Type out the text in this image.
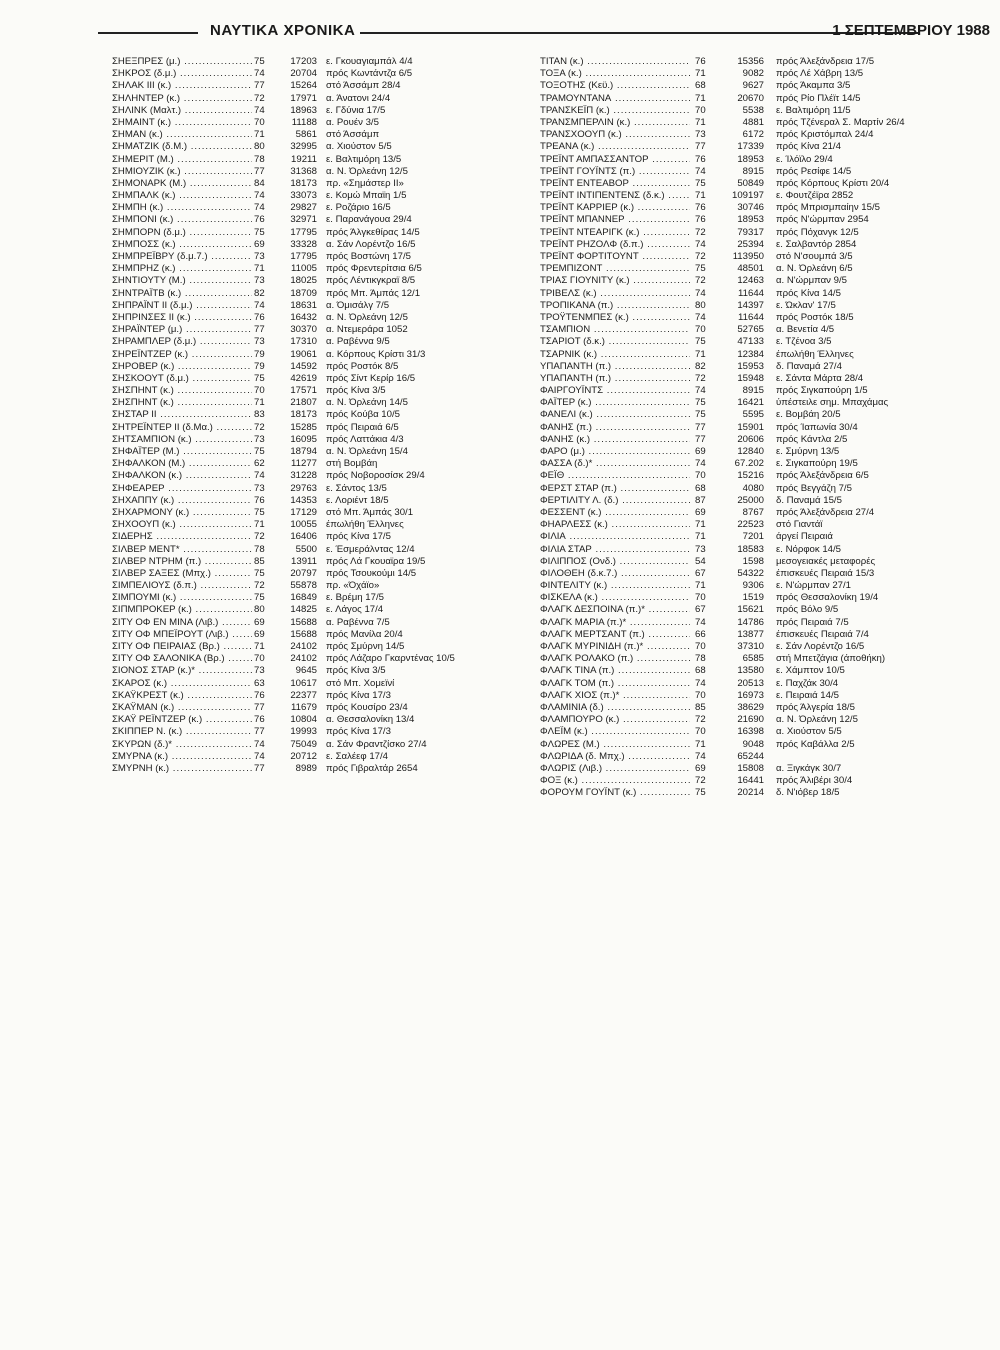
ΝΑΥΤΙΚΑ ΧΡΟΝΙΚΑ	1 ΣΕΠΤΕΜΒΡΙΟΥ 1988
ΣΗΕΞΠΡΕΣ (μ.) .....	75	17203 ε. Γκουαγιαμπάλ 4/4
ΣΗΚΡΟΣ (δ.μ.) .....	74	20704 πρός Κωντάντζα 6/5
ΣΗΛΑΚ III (κ.) .....	77	15264 στό Άσσάμπ 28/4
ΣΗΛΗΝΤΕΡ (κ.) .....	72	17971 α. Άνατονι 24/4
ΣΗΛΙΝΚ (Μαλτ.) .....	74	18963 ε. Γδύνια 17/5
ΣΗΜΑΙΝΤ (κ.) .....	70	11188 α. Ρουέν 3/5
ΣΗΜΑΝ (κ.) .....	71	5861 στό Άσσάμπ
ΣΗΜΑΤΖΙΚ (δ.Μ.) .....	80	32995 α. Χιούστον 5/5
ΣΗΜΕΡΙΤ (Μ.) .....	78	19211 ε. Βαλτιμόρη 13/5
ΣΗΜΙΟΥΖΙΚ (κ.) .....	77	31368 α. Ν. Όρλεάνη 12/5
ΣΗΜΟΝΑΡΚ (Μ.) .....	84	18173 πρ. «Σημάστερ II»
ΣΗΜΠΑΛΚ (κ.) .....	74	33073 ε. Κομώ Μπαϊη 1/5
ΣΗΜΠΗ (κ.) .....	74	29827 ε. Ροζάριο 16/5
ΣΗΜΠΟΝΙ (κ.) .....	76	32971 ε. Παρανάγουα 29/4
ΣΗΜΠΟΡΝ (δ.μ.) .....	75	17795 πρός Άλγκεθίρας 14/5
ΣΗΜΠΟΣΣ (κ.) .....	69	33328 α. Σάν Λορέντζο 16/5
ΣΗΜΠΡΕΪΒΡΥ (δ.μ.7.) .....	73	17795 πρός Βοστώνη 17/5
ΣΗΜΠΡΗΖ (κ.) .....	71	11005 πρός Φρεντερίτσια 6/5
ΣΗΝΤΙΟΥΤΥ (Μ.) .....	73	18025 πρός Λέντικγκραϊ 8/5
ΣΗΝΤΡΑΪΤΒ (κ.) .....	82	18709 πρός Μπ. Άμπάς 12/1
ΣΗΠΡΑΪΝΤ II (δ.μ.) .....	74	18631 α. Όμισάλγ 7/5
ΣΗΠΡΙΝΣΕΣ II (κ.) .....	76	16432 α. Ν. Όρλεάνη 12/5
ΣΗΡΑΪΝΤΕΡ (μ.) .....	77	30370 α. Ντεμεράρα 1052
ΣΗΡΑΜΠΛΕΡ (δ.μ.) .....	73	17310 α. Ραβέννα 9/5
ΣΗΡΕΪΝΤΖΕΡ (κ.) .....	79	19061 α. Κόρπους Κρίστι 31/3
ΣΗΡΟΒΕΡ (κ.) .....	79	14592 πρός Ροστόκ 8/5
ΣΗΣΚΟΟΥΤ (δ.μ.) .....	75	42619 πρός Σίντ Κερίρ 16/5
ΣΗΣΠΗΝΤ (κ.) .....	70	17571 πρός Κίνα 3/5
ΣΗΣΠΗΝΤ (κ.) .....	71	21807 α. Ν. Όρλεάνη 14/5
ΣΗΣΤΑΡ II .....	83	18173 πρός Κούβα 10/5
ΣΗΤΡΕΪΝΤΕΡ II (δ.Μα.) .....	72	15285 πρός Πειραιά 6/5
ΣΗΤΣΑΜΠΙΟΝ (κ.) .....	73	16095 πρός Λαττάκια 4/3
ΣΗΦΑΪΤΕΡ (Μ.) .....	75	18794 α. Ν. Όρλεάνη 15/4
ΣΗΦΑΛΚΟΝ (Μ.) .....	62	11277 στή Βομβάη
ΣΗΦΑΛΚΟΝ (κ.) .....	74	31228 πρός Νοβοροσίσκ 29/4
ΣΗΦΕΑΡΕΡ .....	73	29763 ε. Σάντος 13/5
ΣΗΧΑΠΠΥ (κ.) .....	76	14353 ε. Λοριέντ 18/5
ΣΗΧΑΡΜΟΝΥ (κ.) .....	75	17129 στό Μπ. Άμπάς 30/1
ΣΗΧΟΟΥΠ (κ.) .....	71	10055 έπωλήθη Έλληνες
ΣΙΔΕΡΗΣ .....	72	16406 πρός Κίνα 17/5
ΣΙΛΒΕΡ ΜΕΝΤ* .....	78	5500 ε. Έσμεράλντας 12/4
ΣΙΛΒΕΡ ΝΤΡΗΜ (π.) .....	85	13911 πρός Λά Γκουαϊρα 19/5
ΣΙΛΒΕΡ ΣΑΞΕΣ (Μπχ.) .....	75	20797 πρός Τσουκούμι 14/5
ΣΙΜΠΕΛΙΟΥΣ (δ.π.) .....	72	55878 πρ. «Όχάϊο»
ΣΙΜΠΟΥΜΙ (κ.) .....	75	16849 ε. Βρέμη 17/5
ΣΙΠΜΠΡΟΚΕΡ (κ.) .....	80	14825 ε. Λάγος 17/4
ΣΙΤΥ ΟΦ ΕΝ ΜΙΝΑ (Λιβ.) .....	69	15688 α. Ραβέννα 7/5
ΣΙΤΥ ΟΦ ΜΠΕΪΡΟΥΤ (Λιβ.) .....	69	15688 πρός Μανίλα 20/4
ΣΙΤΥ ΟΦ ΠΕΙΡΑΙΑΣ (Βρ.) .....	71	24102 πρός Σμύρνη 14/5
ΣΙΤΥ ΟΦ ΣΑΛΟΝΙΚΑ (Βρ.) .....	70	24102 πρός Λάζαρο Γκαρντένας 10/5
ΣΙΟΝΟΣ ΣΤΑΡ (κ.)* .....	73	9645 πρός Κίνα 3/5
ΣΚΑΡΟΣ (κ.) .....	63	10617 στό Μπ. Χομεϊνί
ΣΚΑΫΚΡΕΣΤ (κ.) .....	76	22377 πρός Κίνα 17/3
ΣΚΑΫΜΑΝ (κ.) .....	77	11679 πρός Κουσίρο 23/4
ΣΚΑΫ ΡΕΪΝΤΖΕΡ (κ.) .....	76	10804 α. Θεσσαλονίκη 13/4
ΣΚΙΠΠΕΡ Ν. (κ.) .....	77	19993 πρός Κίνα 17/3
ΣΚΥΡΩΝ (δ.)* .....	74	75049 α. Σάν Φραντζίσκο 27/4
ΣΜΥΡΝΑ (κ.) .....	74	20712 ε. Σαλέεφ 17/4
ΣΜΥΡΝΗ (κ.) .....	77	8989 πρός Γιβραλτάρ 2654
ΤΙΤΑΝ (κ.) .....	76	15356 πρός Άλεξάνδρεια 17/5
ΤΟΞΑ (κ.) .....	71	9082 πρός Λέ Χάβρη 13/5
ΤΟΞΟΤΗΣ (Κεϋ.) .....	68	9627 πρός Άκαμπα 3/5
ΤΡΑΜΟΥΝΤΑΝΑ .....	71	20670 πρός Ρίο Πλέϊτ 14/5
ΤΡΑΝΣΚΕΪΠ (κ.) .....	70	5538 ε. Βαλτιμόρη 11/5
ΤΡΑΝΣΜΠΕΡΛΙΝ (κ.) .....	71	4881 πρός Τζένεραλ Σ. Μαρτίν 26/4
ΤΡΑΝΣΧΟΟΥΠ (κ.) .....	73	6172 πρός Κριστόμπαλ 24/4
ΤΡΕΑΝΑ (κ.) .....	77	17339 πρός Κίνα 21/4
ΤΡΕΪΝΤ ΑΜΠΑΣΣΑΝΤΟΡ .....	76	18953 ε. Ίλόϊλο 29/4
ΤΡΕΪΝΤ ΓΟΥΪΝΤΣ (π.) .....	74	8915 πρός Ρεσίφε 14/5
ΤΡΕΪΝΤ ΕΝΤΕΑΒΟΡ .....	75	50849 πρός Κόρπους Κρίστι 20/4
ΤΡΕΪΝΤ ΙΝΤΙΠΕΝΤΕΝΣ (δ.κ.) .....	71	109197 ε. Φουτζέϊρα 2852
ΤΡΕΪΝΤ ΚΑΡΡΙΕΡ (κ.) .....	76	30746 πρός Μπρισμπαίην 15/5
ΤΡΕΪΝΤ ΜΠΑΝΝΕΡ .....	76	18953 πρός Ν'ώρμπαν 2954
ΤΡΕΪΝΤ ΝΤΕΑΡΙΓΚ (κ.) .....	72	79317 πρός Πόχανγκ 12/5
ΤΡΕΪΝΤ ΡΗΖΟΛΦ (δ.π.) .....	74	25394 ε. Σαλβαντόρ 2854
ΤΡΕΪΝΤ ΦΟΡΤΙΤΟΥΝΤ .....	72	113950 στό Ν'σουμπά 3/5
ΤΡΕΜΠΙΖΟΝΤ .....	75	48501 α. Ν. Όρλεάνη 6/5
ΤΡΙΑΣ ΓΙΟΥΝΙΤΥ (κ.) .....	72	12463 α. Ν'ώρμπαν 9/5
ΤΡΙΒΕΛΣ (κ.) .....	74	11644 πρός Κίνα 14/5
ΤΡΟΠΙΚΑΝΑ (π.) .....	80	14397 ε. Ώκλαν' 17/5
ΤΡΟΫΤΕΝΜΠΕΣ (κ.) .....	74	11644 πρός Ροστόκ 18/5
ΤΣΑΜΠΙΟΝ .....	70	52765 α. Βενετία 4/5
ΤΣΑΡΙΟΤ (δ.κ.) .....	75	47133 ε. Τζένοα 3/5
ΤΣΑΡΝΙΚ (κ.) .....	71	12384 έπωλήθη Έλληνες
ΥΠΑΠΑΝΤΗ (π.) .....	82	15953 δ. Παναμά 27/4
ΥΠΑΠΑΝΤΗ (π.) .....	72	15948 ε. Σάντα Μάρτα 28/4
ΦΑΙΡΓΟΥΪΝΤΣ .....	74	8915 πρός Σιγκαπούρη 1/5
ΦΑΪΤΕΡ (κ.) .....	75	16421 ύπέστειλε σημ. Μπαχάμας
ΦΑΝΕΛΙ (κ.) .....	75	5595 ε. Βομβάη 20/5
ΦΑΝΗΣ (π.) .....	77	15901 πρός Ίαπωνία 30/4
ΦΑΝΗΣ (κ.) .....	77	20606 πρός Κάντλα 2/5
ΦΑΡΟ (μ.) .....	69	12840 ε. Σμύρνη 13/5
ΦΑΣΣΑ (δ.)* .....	74	67.202 ε. Σιγκαπούρη 19/5
ΦΕΪΘ .....	70	15216 πρός Άλεξάνδρεια 6/5
ΦΕΡΣΤ ΣΤΑΡ (π.) .....	68	4080 πρός Βεγγάζη 7/5
ΦΕΡΤΙΛΙΤΥ Λ. (δ.) .....	87	25000 δ. Παναμά 15/5
ΦΕΣΣΕΝΤ (κ.) .....	69	8767 πρός Άλεξάνδρεια 27/4
ΦΗΑΡΛΕΣΣ (κ.) .....	71	22523 στό Γιαντάϊ
ΦΙΛΙΑ .....	71	7201 άργεί Πειραιά
ΦΙΛΙΑ ΣΤΑΡ .....	73	18583 ε. Νόρφοκ 14/5
ΦΙΛΙΠΠΟΣ (Ονδ.) .....	54	1598 μεσογειακές μεταφορές
ΦΙΛΟΘΕΗ (δ.κ.7.) .....	67	54322 έπισκευές Πειραιά 15/3
ΦΙΝΤΕΛΙΤΥ (κ.) .....	71	9306 ε. Ν'ώρμπαν 27/1
ΦΙΣΚΕΛΑ (κ.) .....	70	1519 πρός Θεσσαλονίκη 19/4
ΦΛΑΓΚ ΔΕΣΠΟΙΝΑ (π.)* .....	67	15621 πρός Βόλο 9/5
ΦΛΑΓΚ ΜΑΡΙΑ (π.)* .....	74	14786 πρός Πειραιά 7/5
ΦΛΑΓΚ ΜΕΡΤΣΑΝΤ (π.) .....	66	13877 έπισκευές Πειραιά 7/4
ΦΛΑΓΚ ΜΥΡΙΝΙΔΗ (π.)* .....	70	37310 ε. Σάν Λορέντζο 16/5
ΦΛΑΓΚ ΡΟΛΑΚΟ (π.) .....	78	6585 στή Μπετζάγια (άποθήκη)
ΦΛΑΓΚ ΤΙΝΑ (π.) .....	68	13580 ε. Χάμπτον 10/5
ΦΛΑΓΚ ΤΟΜ (π.) .....	74	20513 ε. Παχζάκ 30/4
ΦΛΑΓΚ ΧΙΟΣ (π.)* .....	70	16973 ε. Πειραιά 14/5
ΦΛΑΜΙΝΙΑ (δ.) .....	85	38629 πρός Άλγερία 18/5
ΦΛΑΜΠΟΥΡΟ (κ.) .....	72	21690 α. Ν. Όρλεάνη 12/5
ΦΛΕΪΜ (κ.) .....	70	16398 α. Χιούστον 5/5
ΦΛΩΡΕΣ (Μ.) .....	71	9048 πρός Καβάλλα 2/5
ΦΛΩΡΙΔΑ (δ. Μπχ.) .....	74	65244
ΦΛΩΡΙΣ (Λιβ.) .....	69	15808 α. Ξιγκάγκ 30/7
ΦΟΞ (κ.) .....	72	16441 πρός Άλιβέρι 30/4
ΦΟΡΟΥΜ ΓΟΥΪΝΤ (κ.) .....	75	20214 δ. Ν'ιόβερ 18/5
